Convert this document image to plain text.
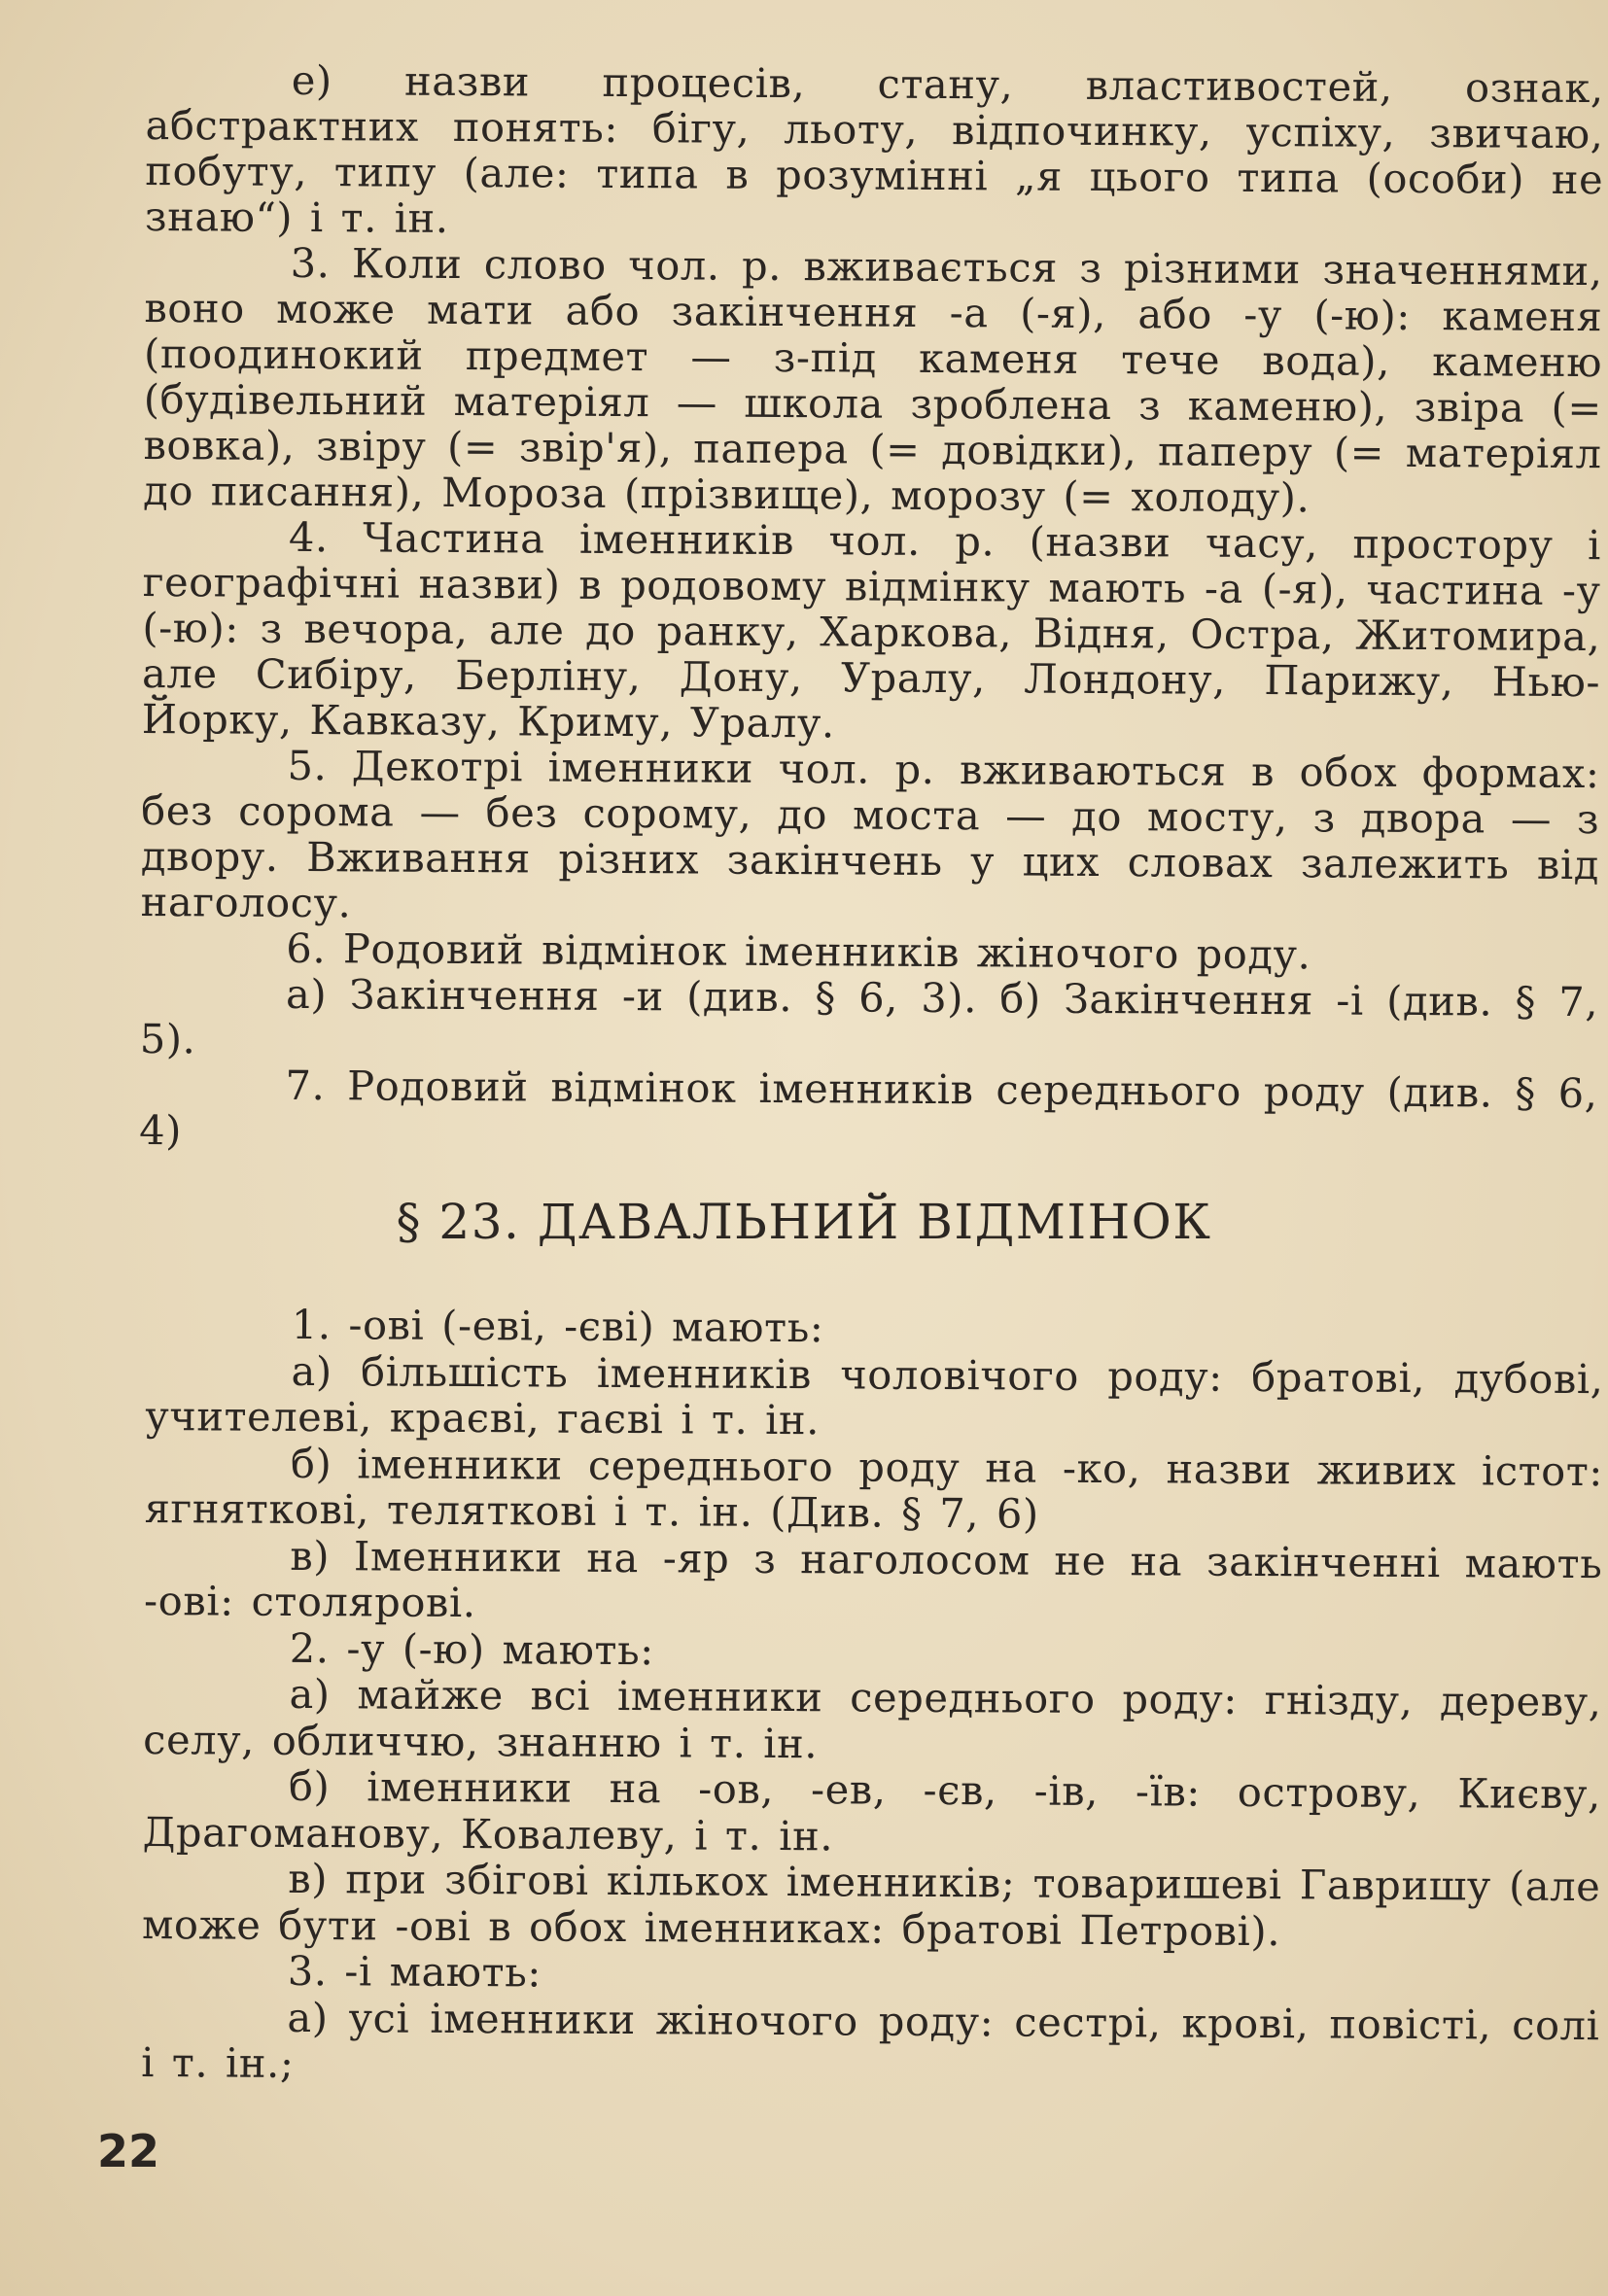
е) назви процесів, стану, властивостей, ознак, абстрактних понять: бігу, льоту, відпочинку, успіху, звичаю, побуту, типу (але: типа в розумінні „я цього типа (особи) не знаю“) і т. ін.

3. Коли слово чол. р. вживається з різними значеннями, воно може мати або закінчення -а (-я), або -у (-ю): каменя (поодинокий предмет — з-під каменя тече вода), каменю (будівельний матеріял — школа зроблена з каменю), звіра (= вовка), звіру (= звір'я), папера (= довідки), паперу (= матеріял до писання), Мороза (прізвище), морозу (= холоду).

4. Частина іменників чол. р. (назви часу, простору і географічні назви) в родовому відмінку мають -а (-я), частина -у (-ю): з вечора, але до ранку, Харкова, Відня, Остра, Житомира, але Сибіру, Берліну, Дону, Уралу, Лондону, Парижу, Нью-Йорку, Кавказу, Криму, Уралу.

5. Декотрі іменники чол. р. вживаються в обох формах: без сорома — без сорому, до моста — до мосту, з двора — з двору. Вживання різних закінчень у цих словах залежить від наголосу.

6. Родовий відмінок іменників жіночого роду.

а) Закінчення -и (див. § 6, 3). б) Закінчення -і (див. § 7, 5).

7. Родовий відмінок іменників середнього роду (див. § 6, 4)

§ 23. ДАВАЛЬНИЙ ВІДМІНОК

1. -ові (-еві, -єві) мають:

а) більшість іменників чоловічого роду: братові, дубові, учителеві, краєві, гаєві і т. ін.

б) іменники середнього роду на -ко, назви живих істот: ягняткові, теляткові і т. ін. (Див. § 7, 6)

в) Іменники на -яр з наголосом не на закінченні мають -ові: столярові.

2. -у (-ю) мають:

а) майже всі іменники середнього роду: гнізду, дереву, селу, обличчю, знанню і т. ін.

б) іменники на -ов, -ев, -єв, -ів, -їв: острову, Києву, Драгоманову, Ковалеву, і т. ін.

в) при збігові кількох іменників; товаришеві Гавришу (але може бути -ові в обох іменниках: братові Петрові).

3. -і мають:

а) усі іменники жіночого роду: сестрі, крові, повісті, солі і т. ін.;

22
